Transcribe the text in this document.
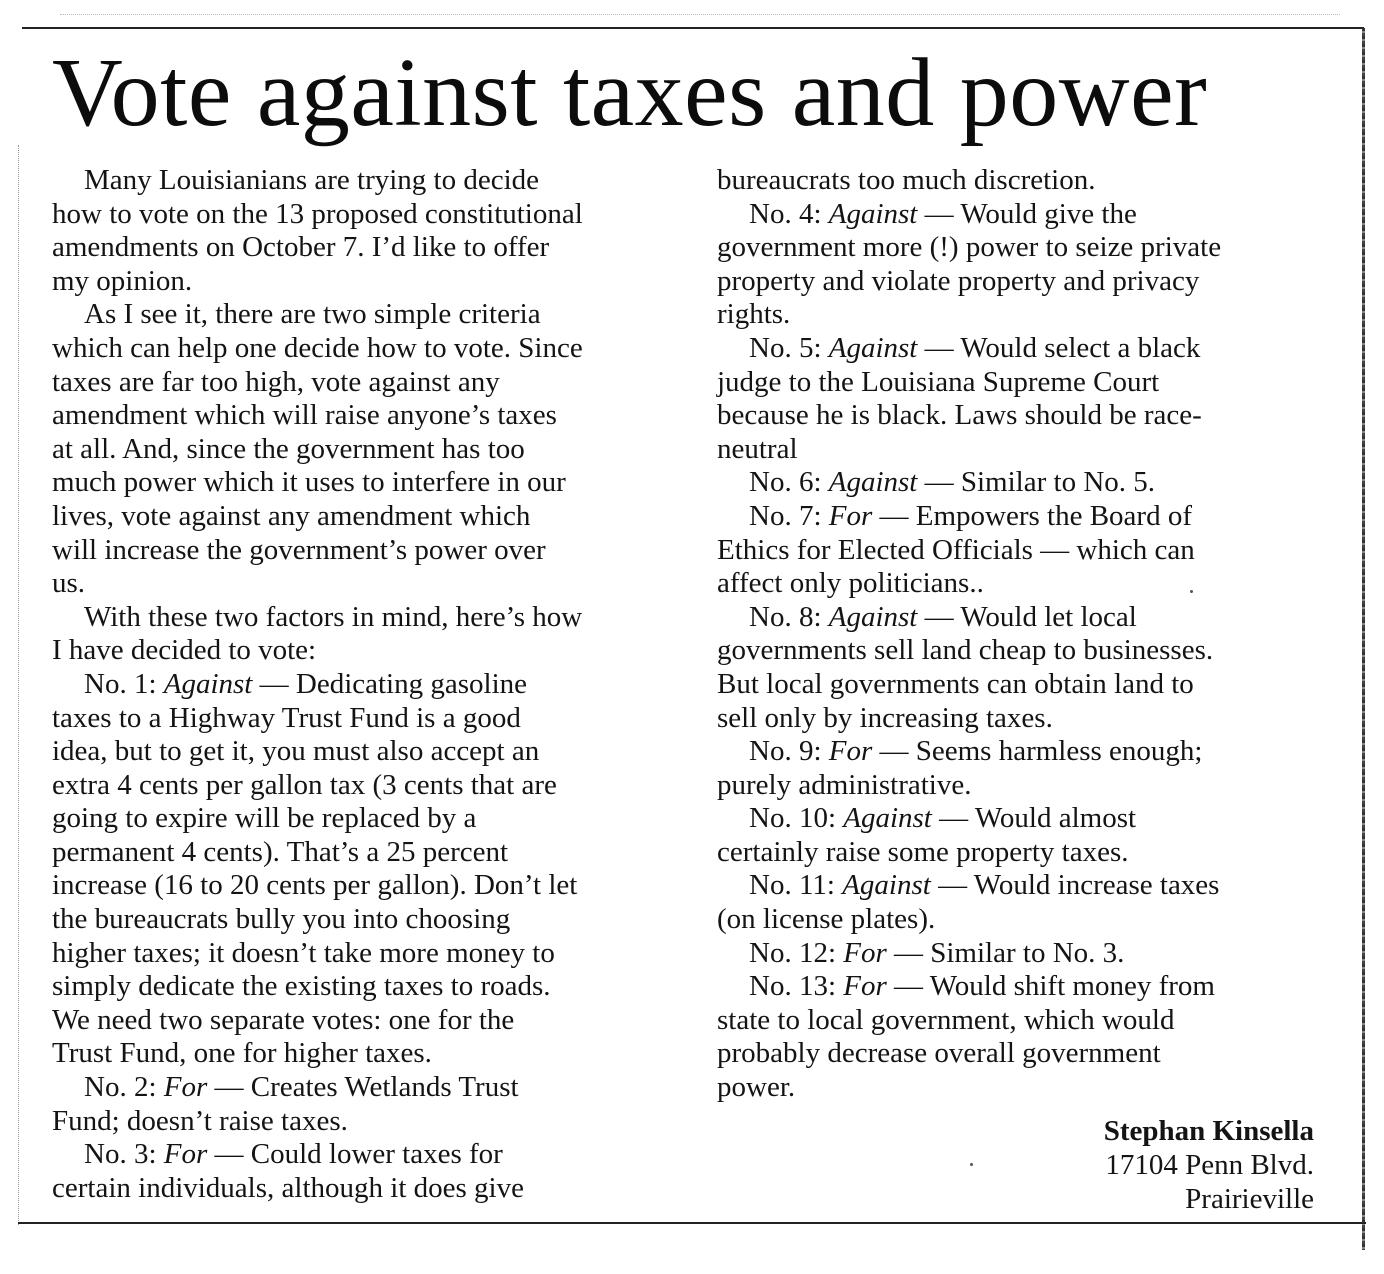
Vote against taxes and power
Many Louisianians are trying to decide
how to vote on the 13 proposed constitutional
amendments on October 7. I’d like to offer
my opinion.
As I see it, there are two simple criteria
which can help one decide how to vote. Since
taxes are far too high, vote against any
amendment which will raise anyone’s taxes
at all. And, since the government has too
much power which it uses to interfere in our
lives, vote against any amendment which
will increase the government’s power over
us.
With these two factors in mind, here’s how
I have decided to vote:
No. 1: Against — Dedicating gasoline
taxes to a Highway Trust Fund is a good
idea, but to get it, you must also accept an
extra 4 cents per gallon tax (3 cents that are
going to expire will be replaced by a
permanent 4 cents). That’s a 25 percent
increase (16 to 20 cents per gallon). Don’t let
the bureaucrats bully you into choosing
higher taxes; it doesn’t take more money to
simply dedicate the existing taxes to roads.
We need two separate votes: one for the
Trust Fund, one for higher taxes.
No. 2: For — Creates Wetlands Trust
Fund; doesn’t raise taxes.
No. 3: For — Could lower taxes for
certain individuals, although it does give
bureaucrats too much discretion.
No. 4: Against — Would give the
government more (!) power to seize private
property and violate property and privacy
rights.
No. 5: Against — Would select a black
judge to the Louisiana Supreme Court
because he is black. Laws should be race-
neutral
No. 6: Against — Similar to No. 5.
No. 7: For — Empowers the Board of
Ethics for Elected Officials — which can
affect only politicians..
No. 8: Against — Would let local
governments sell land cheap to businesses.
But local governments can obtain land to
sell only by increasing taxes.
No. 9: For — Seems harmless enough;
purely administrative.
No. 10: Against — Would almost
certainly raise some property taxes.
No. 11: Against — Would increase taxes
(on license plates).
No. 12: For — Similar to No. 3.
No. 13: For — Would shift money from
state to local government, which would
probably decrease overall government
power.
Stephan Kinsella
17104 Penn Blvd.
Prairieville
